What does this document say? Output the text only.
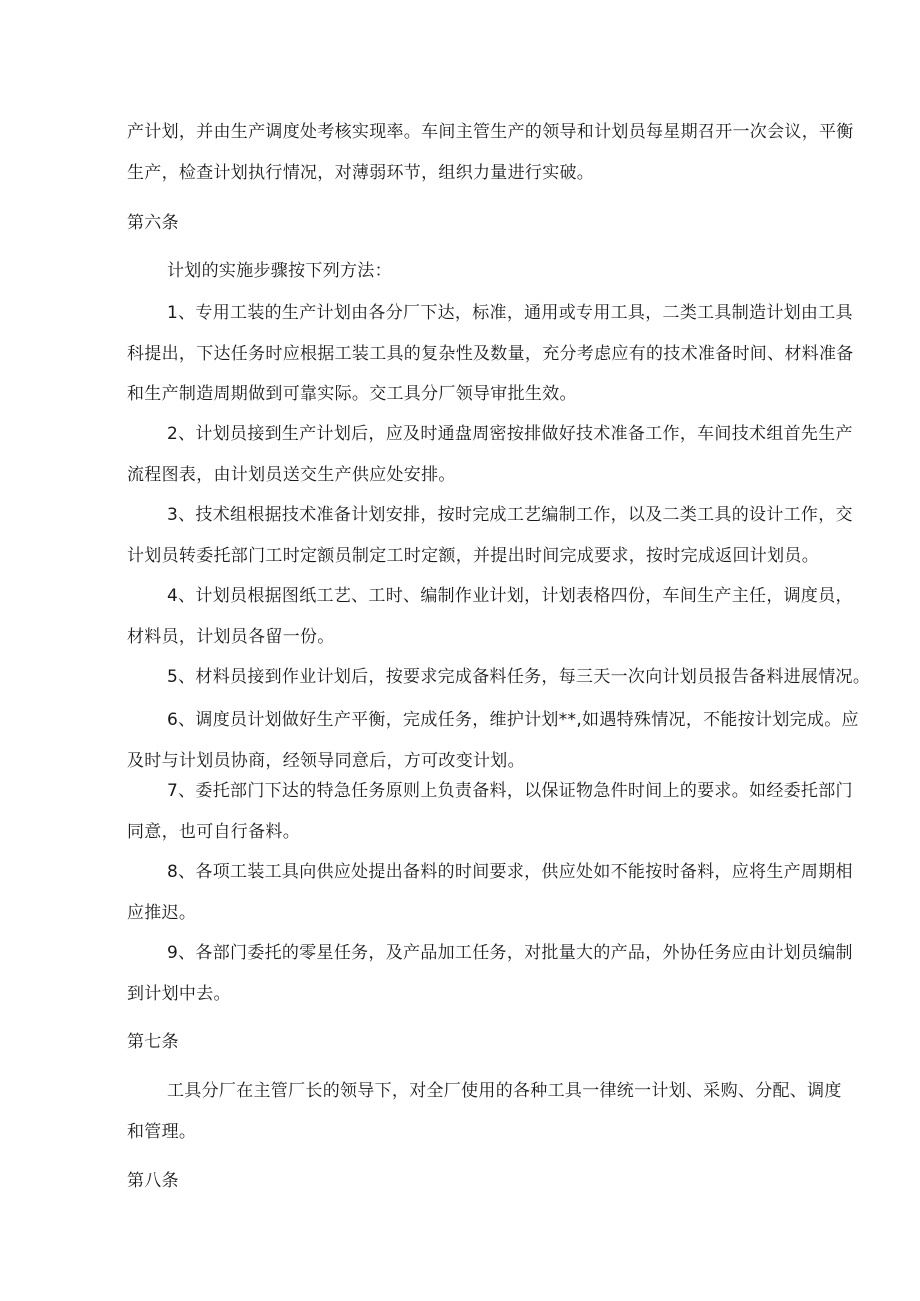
产计划，并由生产调度处考核实现率。车间主管生产的领导和计划员每星期召开一次会议，平衡
生产，检查计划执行情况，对薄弱环节，组织力量进行实破。
第六条
计划的实施步骤按下列方法：
1、专用工装的生产计划由各分厂下达，标准，通用或专用工具，二类工具制造计划由工具
科提出，下达任务时应根据工装工具的复杂性及数量，充分考虑应有的技术准备时间、材料准备
和生产制造周期做到可靠实际。交工具分厂领导审批生效。
2、计划员接到生产计划后，应及时通盘周密按排做好技术准备工作，车间技术组首先生产
流程图表，由计划员送交生产供应处安排。
3、技术组根据技术准备计划安排，按时完成工艺编制工作，以及二类工具的设计工作，交
计划员转委托部门工时定额员制定工时定额，并提出时间完成要求，按时完成返回计划员。
4、计划员根据图纸工艺、工时、编制作业计划，计划表格四份，车间生产主任，调度员，
材料员，计划员各留一份。
5、材料员接到作业计划后，按要求完成备料任务，每三天一次向计划员报告备料进展情况。
6、调度员计划做好生产平衡，完成任务，维护计划**,如遇特殊情况，不能按计划完成。应
及时与计划员协商，经领导同意后，方可改变计划。
7、委托部门下达的特急任务原则上负责备料，以保证物急件时间上的要求。如经委托部门
同意，也可自行备料。
8、各项工装工具向供应处提出备料的时间要求，供应处如不能按时备料，应将生产周期相
应推迟。
9、各部门委托的零星任务，及产品加工任务，对批量大的产品，外协任务应由计划员编制
到计划中去。
第七条
工具分厂在主管厂长的领导下，对全厂使用的各种工具一律统一计划、采购、分配、调度
和管理。
第八条
